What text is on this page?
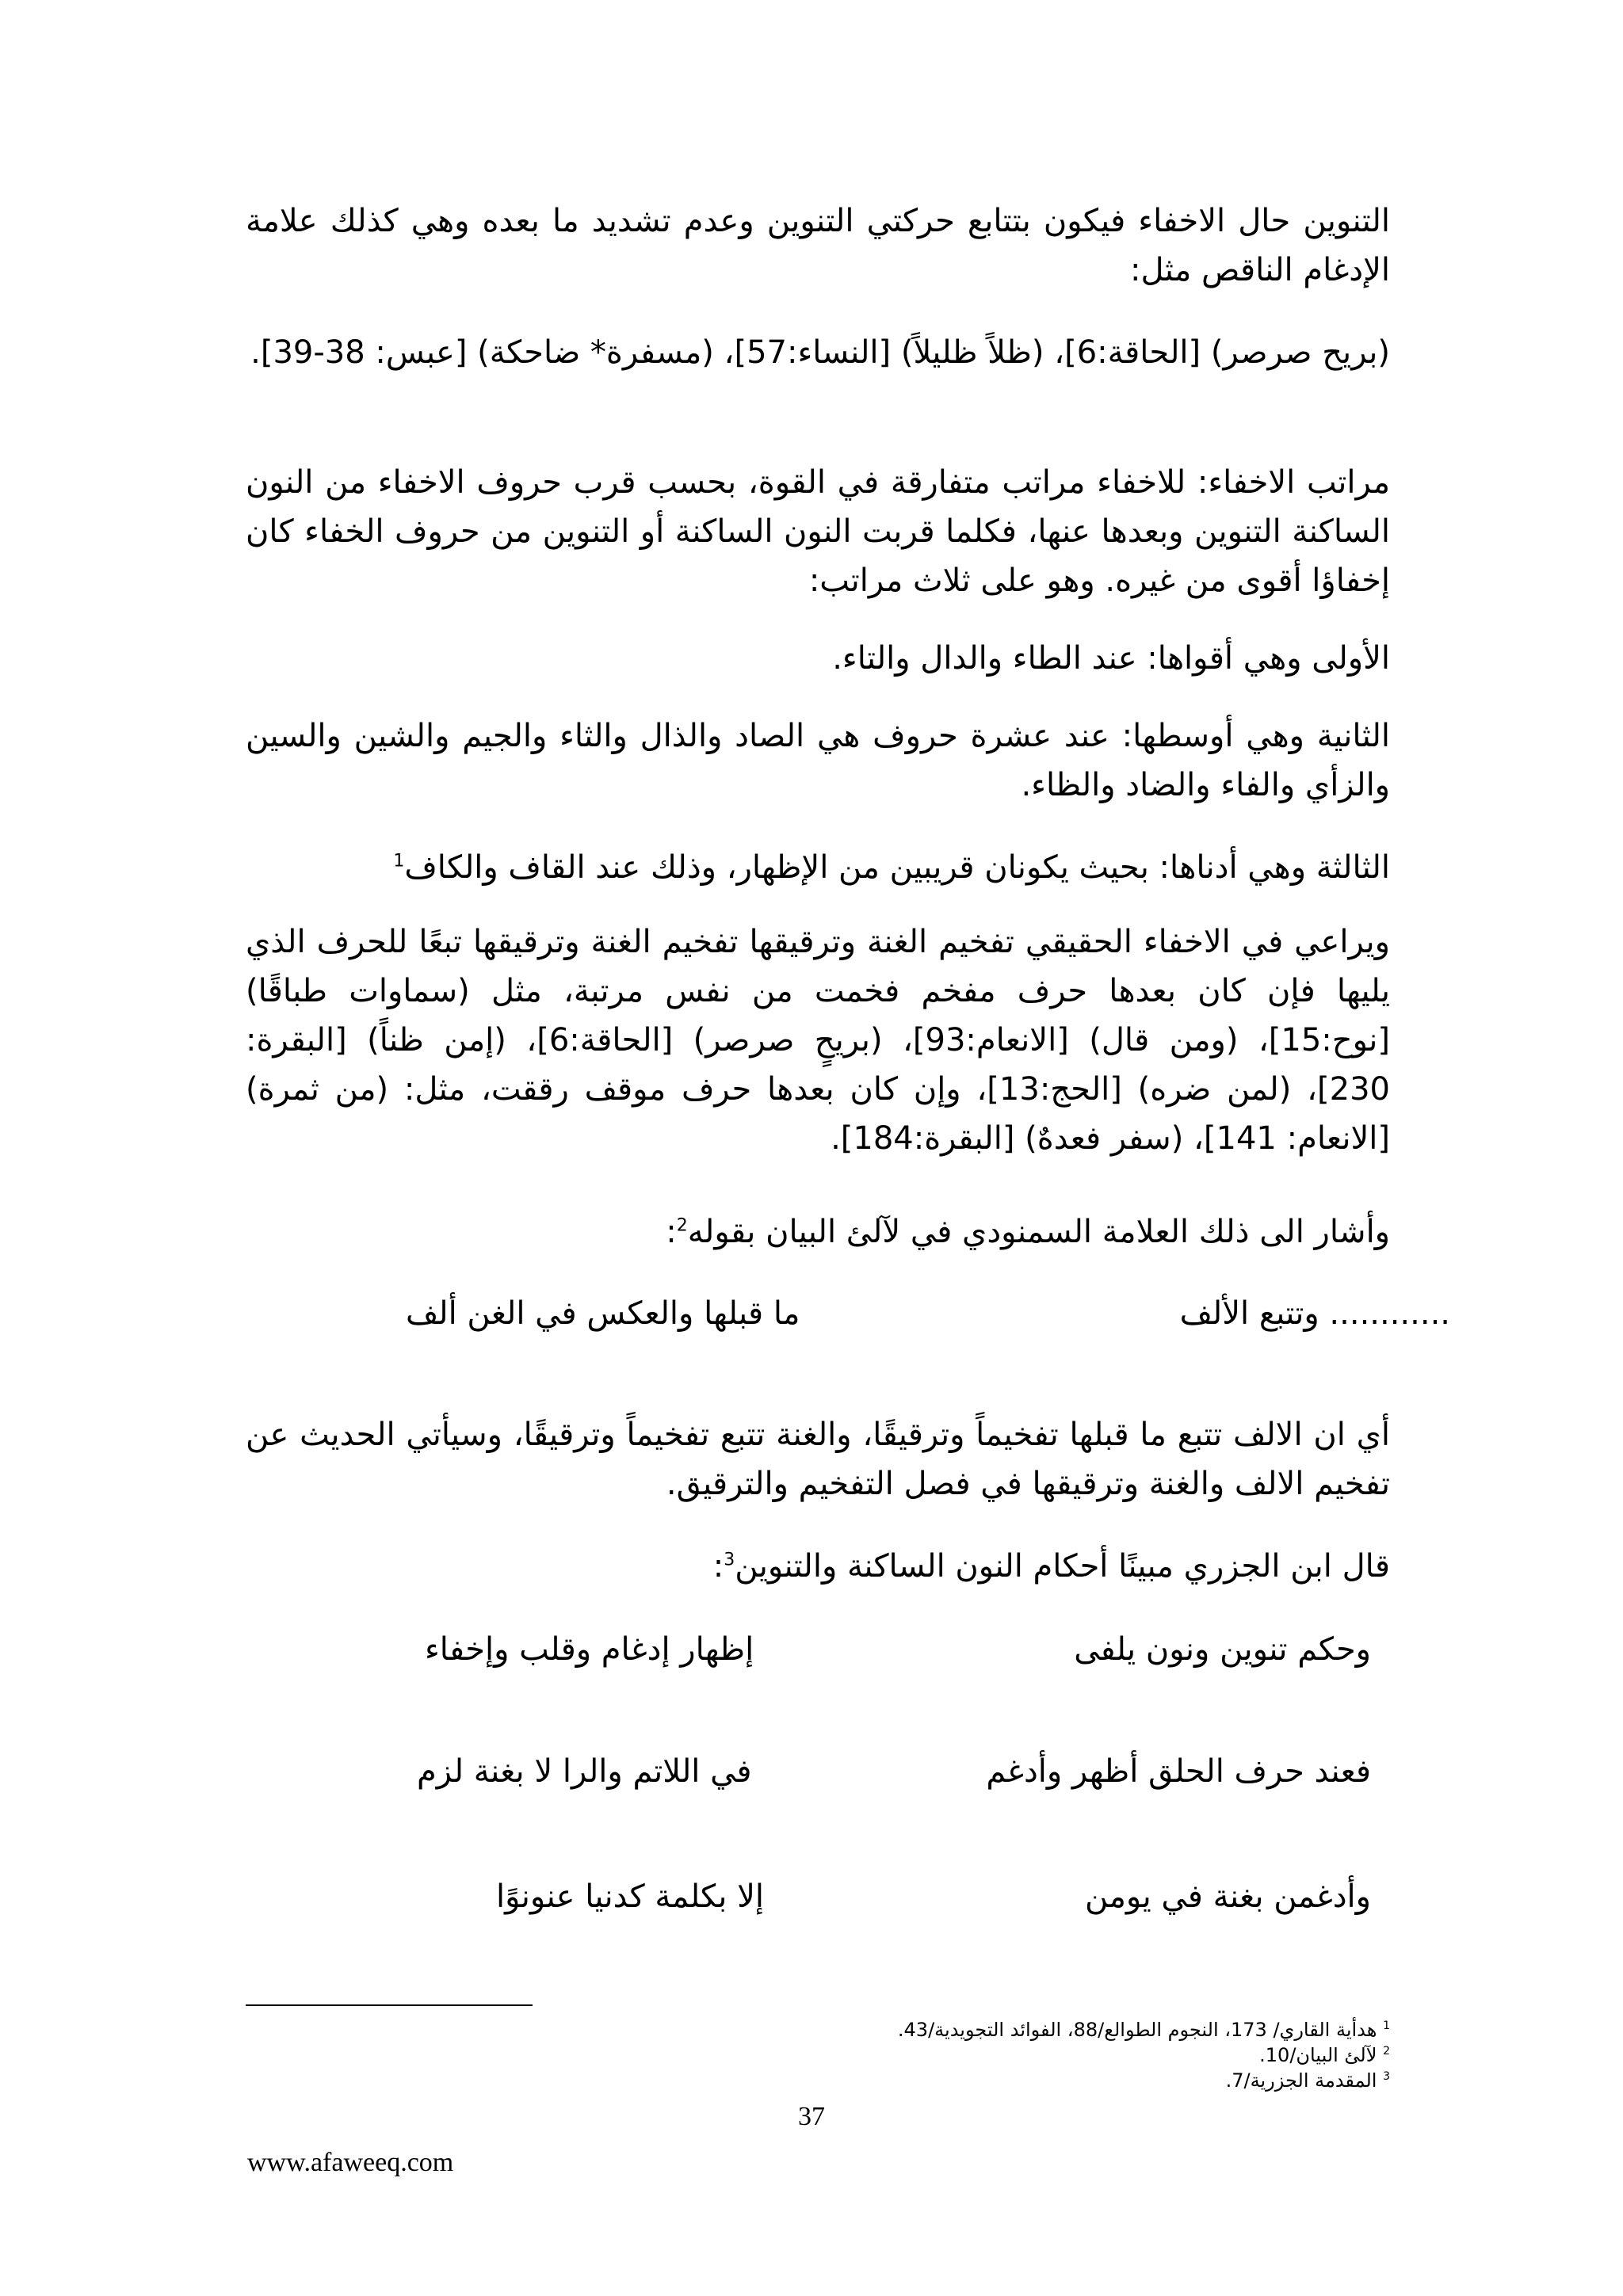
التنوين حال الاخفاء فيكون بتتابع حركتي التنوين وعدم تشديد ما بعده وهي كذلك علامة الإدغام الناقص مثل:

(بريح صرصر) [الحاقة:6]، (ظلاً ظليلاً) [النساء:57]، (مسفرة* ضاحكة) [عبس: 38-39].

مراتب الاخفاء: للاخفاء مراتب متفارقة في القوة، بحسب قرب حروف الاخفاء من النون الساكنة التنوين وبعدها عنها، فكلما قربت النون الساكنة أو التنوين من حروف الخفاء كان إخفاؤا أقوى من غيره. وهو على ثلاث مراتب:

الأولى وهي أقواها: عند الطاء والدال والتاء.

الثانية وهي أوسطها: عند عشرة حروف هي الصاد والذال والثاء والجيم والشين والسين والزأي والفاء والضاد والظاء.

الثالثة وهي أدناها: بحيث يكونان قريبين من الإظهار، وذلك عند القاف والكاف$^1$

ويراعي في الاخفاء الحقيقي تفخيم الغنة وترقيقها تفخيم الغنة وترقيقها تبعًا للحرف الذي يليها فإن كان بعدها حرف مفخم فخمت من نفس مرتبة، مثل (سماوات طباقًا) [نوح:15]، (ومن قال) [الانعام:93]، (بريحٍ صرصر) [الحاقة:6]، (إمن ظناً) [البقرة: 230]، (لمن ضره) [الحج:13]، وإن كان بعدها حرف موقف رققت، مثل: (من ثمرة) [الانعام: 141]، (سفر فعدهٌ) [البقرة:184].

وأشار الى ذلك العلامة السمنودي في لآلئ البيان بقوله$^2$:

............ وتتبع الألف
ما قبلها والعكس في الغن ألف

أي ان الالف تتبع ما قبلها تفخيماً وترقيقًا، والغنة تتبع تفخيماً وترقيقًا، وسيأتي الحديث عن تفخيم الالف والغنة وترقيقها في فصل التفخيم والترقيق.

قال ابن الجزري مبينًا أحكام النون الساكنة والتنوين$^3$:

وحكم تنوين ونون يلفى
إظهار إدغام وقلب وإخفاء
فعند حرف الحلق أظهر وأدغم
في اللاتم والرا لا بغنة لزم
وأدغمن بغنة في يومن
إلا بكلمة كدنيا عنونوًا

$^1$ هدأية القاري/ 173، النجوم الطوالع/88، الفوائد التجويدية/43.

$^2$ لآلئ البيان/10.

$^3$ المقدمة الجزرية/7.

37
www.afaweeq.com
